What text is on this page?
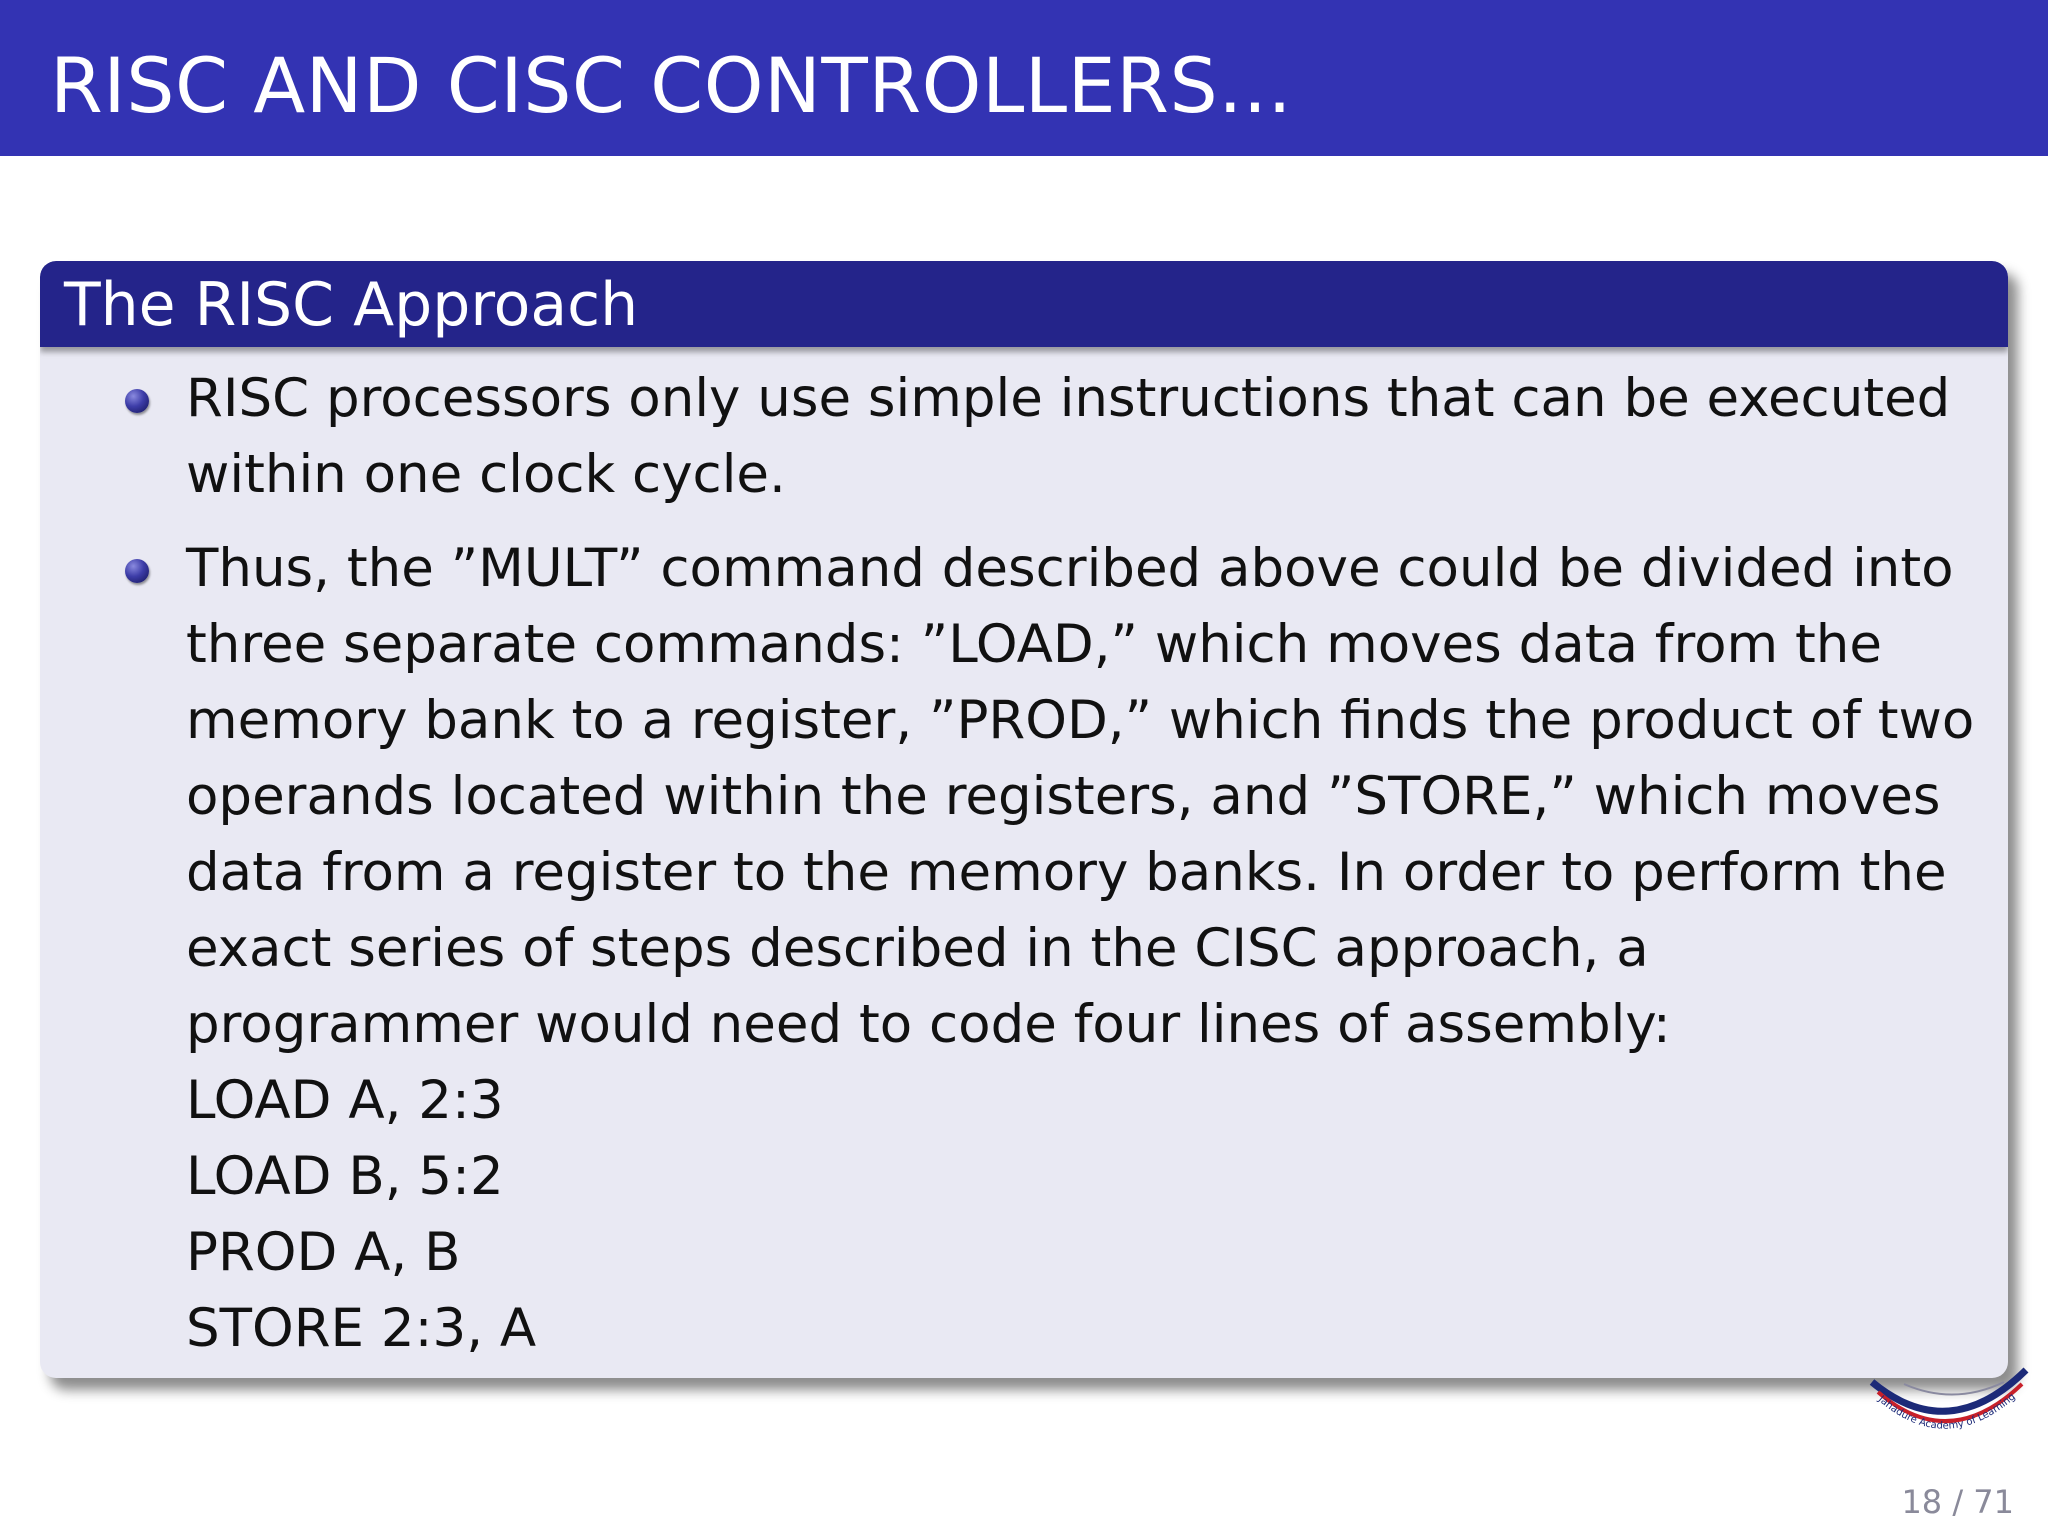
RISC AND CISC CONTROLLERS...
The RISC Approach
RISC processors only use simple instructions that can be executed within one clock cycle.
Thus, the ”MULT” command described above could be divided into three separate commands: ”LOAD,” which moves data from the memory bank to a register, ”PROD,” which finds the product of two operands located within the registers, and ”STORE,” which moves data from a register to the memory banks. In order to perform the exact series of steps described in the CISC approach, a programmer would need to code four lines of assembly:
LOAD A, 2:3
LOAD B, 5:2
PROD A, B
STORE 2:3, A
Jahadure Academy of Learning
18 / 71
